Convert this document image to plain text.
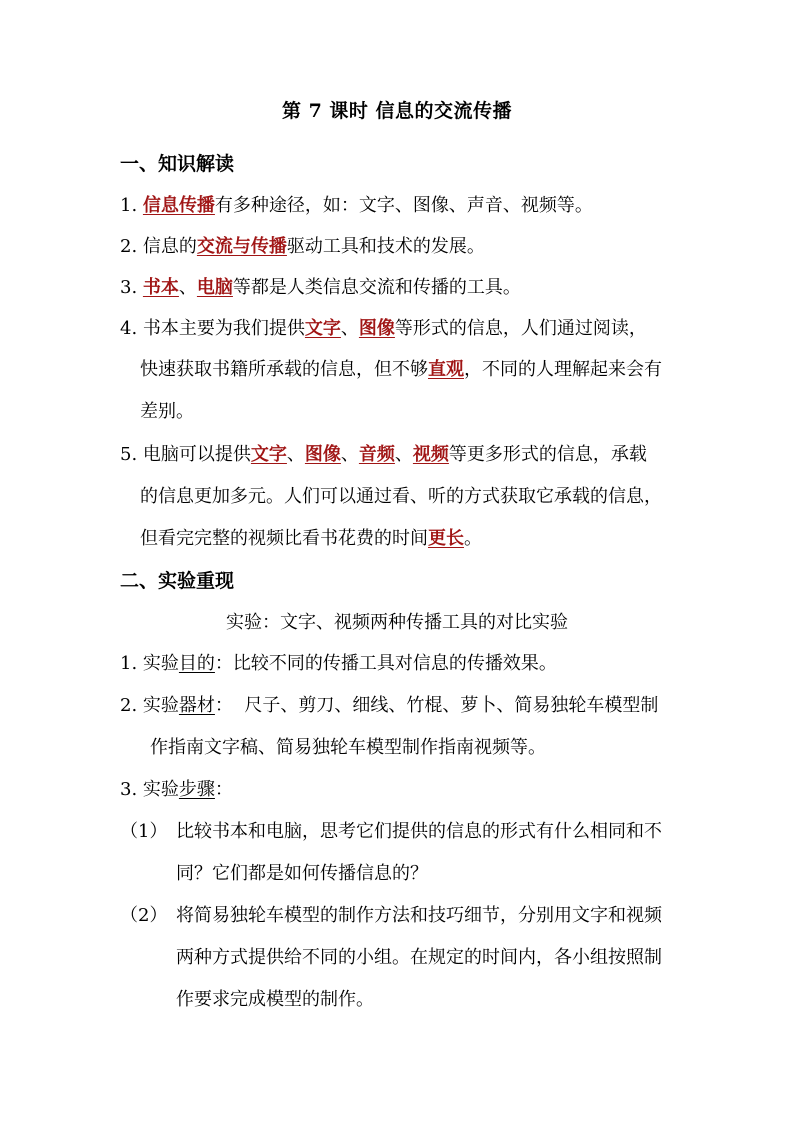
第 7 课时 信息的交流传播
一、知识解读
1. 信息传播有多种途径，如：文字、图像、声音、视频等。
2. 信息的交流与传播驱动工具和技术的发展。
3. 书本、电脑等都是人类信息交流和传播的工具。
4. 书本主要为我们提供文字、图像等形式的信息，人们通过阅读，
快速获取书籍所承载的信息，但不够直观，不同的人理解起来会有
差别。
5. 电脑可以提供文字、图像、音频、视频等更多形式的信息，承载
的信息更加多元。人们可以通过看、听的方式获取它承载的信息，
但看完完整的视频比看书花费的时间更长。
二、实验重现
实验：文字、视频两种传播工具的对比实验
1. 实验目的：比较不同的传播工具对信息的传播效果。
2. 实验器材：  尺子、剪刀、细线、竹棍、萝卜、简易独轮车模型制
作指南文字稿、简易独轮车模型制作指南视频等。
3. 实验步骤：
（1） 比较书本和电脑，思考它们提供的信息的形式有什么相同和不
同？它们都是如何传播信息的？
（2） 将简易独轮车模型的制作方法和技巧细节，分别用文字和视频
两种方式提供给不同的小组。在规定的时间内，各小组按照制
作要求完成模型的制作。
